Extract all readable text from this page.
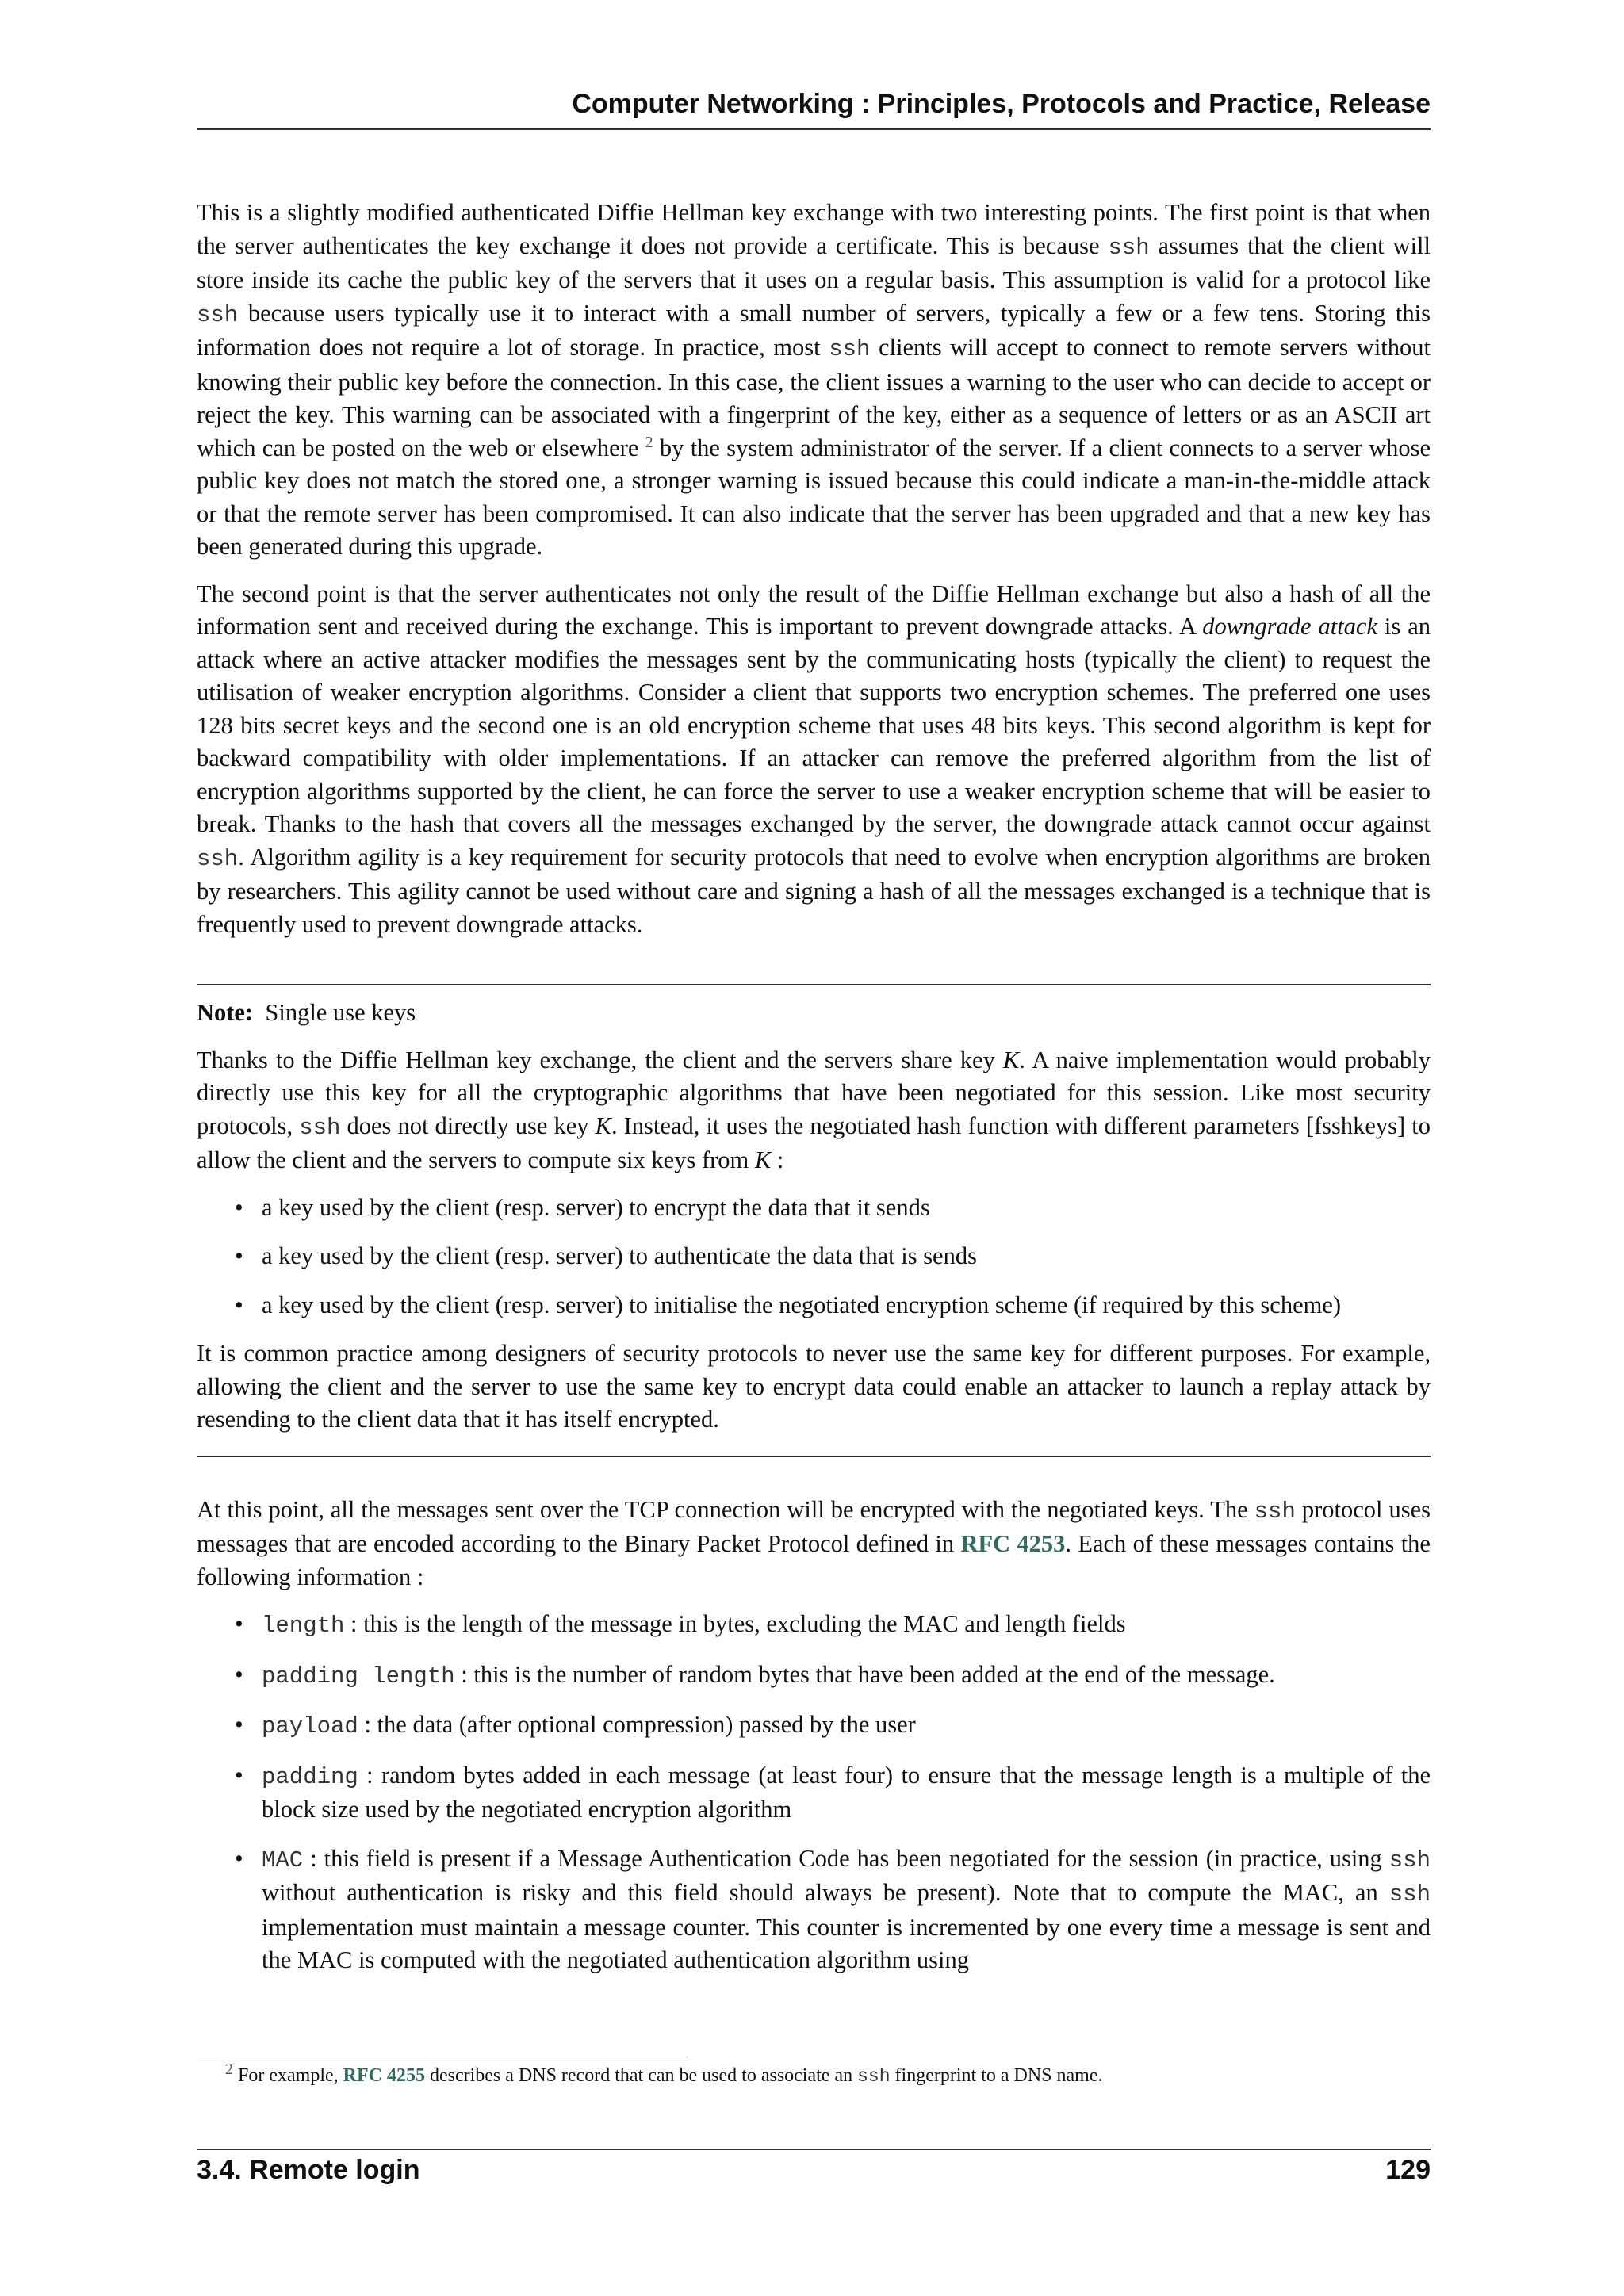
Computer Networking : Principles, Protocols and Practice, Release

This is a slightly modified authenticated Diffie Hellman key exchange with two interesting points. The first point is that when the server authenticates the key exchange it does not provide a certificate. This is because ssh assumes that the client will store inside its cache the public key of the servers that it uses on a regular basis. This assumption is valid for a protocol like ssh because users typically use it to interact with a small number of servers, typically a few or a few tens. Storing this information does not require a lot of storage. In practice, most ssh clients will accept to connect to remote servers without knowing their public key before the connection. In this case, the client issues a warning to the user who can decide to accept or reject the key. This warning can be associated with a fingerprint of the key, either as a sequence of letters or as an ASCII art which can be posted on the web or elsewhere $^2$ by the system administrator of the server. If a client connects to a server whose public key does not match the stored one, a stronger warning is issued because this could indicate a man-in-the-middle attack or that the remote server has been compromised. It can also indicate that the server has been upgraded and that a new key has been generated during this upgrade.

The second point is that the server authenticates not only the result of the Diffie Hellman exchange but also a hash of all the information sent and received during the exchange. This is important to prevent downgrade attacks. A downgrade attack is an attack where an active attacker modifies the messages sent by the communicating hosts (typically the client) to request the utilisation of weaker encryption algorithms. Consider a client that supports two encryption schemes. The preferred one uses 128 bits secret keys and the second one is an old encryption scheme that uses 48 bits keys. This second algorithm is kept for backward compatibility with older implementations. If an attacker can remove the preferred algorithm from the list of encryption algorithms supported by the client, he can force the server to use a weaker encryption scheme that will be easier to break. Thanks to the hash that covers all the messages exchanged by the server, the downgrade attack cannot occur against ssh. Algorithm agility is a key requirement for security protocols that need to evolve when encryption algorithms are broken by researchers. This agility cannot be used without care and signing a hash of all the messages exchanged is a technique that is frequently used to prevent downgrade attacks.

Note: Single use keys

Thanks to the Diffie Hellman key exchange, the client and the servers share key K. A naive implementation would probably directly use this key for all the cryptographic algorithms that have been negotiated for this session. Like most security protocols, ssh does not directly use key K. Instead, it uses the negotiated hash function with different parameters [fsshkeys] to allow the client and the servers to compute six keys from K :

• a key used by the client (resp. server) to encrypt the data that it sends
• a key used by the client (resp. server) to authenticate the data that is sends
• a key used by the client (resp. server) to initialise the negotiated encryption scheme (if required by this scheme)

It is common practice among designers of security protocols to never use the same key for different purposes. For example, allowing the client and the server to use the same key to encrypt data could enable an attacker to launch a replay attack by resending to the client data that it has itself encrypted.

At this point, all the messages sent over the TCP connection will be encrypted with the negotiated keys. The ssh protocol uses messages that are encoded according to the Binary Packet Protocol defined in RFC 4253. Each of these messages contains the following information :

• length : this is the length of the message in bytes, excluding the MAC and length fields
• padding length : this is the number of random bytes that have been added at the end of the message.
• payload : the data (after optional compression) passed by the user
• padding : random bytes added in each message (at least four) to ensure that the message length is a multiple of the block size used by the negotiated encryption algorithm
• MAC : this field is present if a Message Authentication Code has been negotiated for the session (in practice, using ssh without authentication is risky and this field should always be present). Note that to compute the MAC, an ssh implementation must maintain a message counter. This counter is incremented by one every time a message is sent and the MAC is computed with the negotiated authentication algorithm using
$^2$ For example, RFC 4255 describes a DNS record that can be used to associate an ssh fingerprint to a DNS name.
3.4. Remote login	129
